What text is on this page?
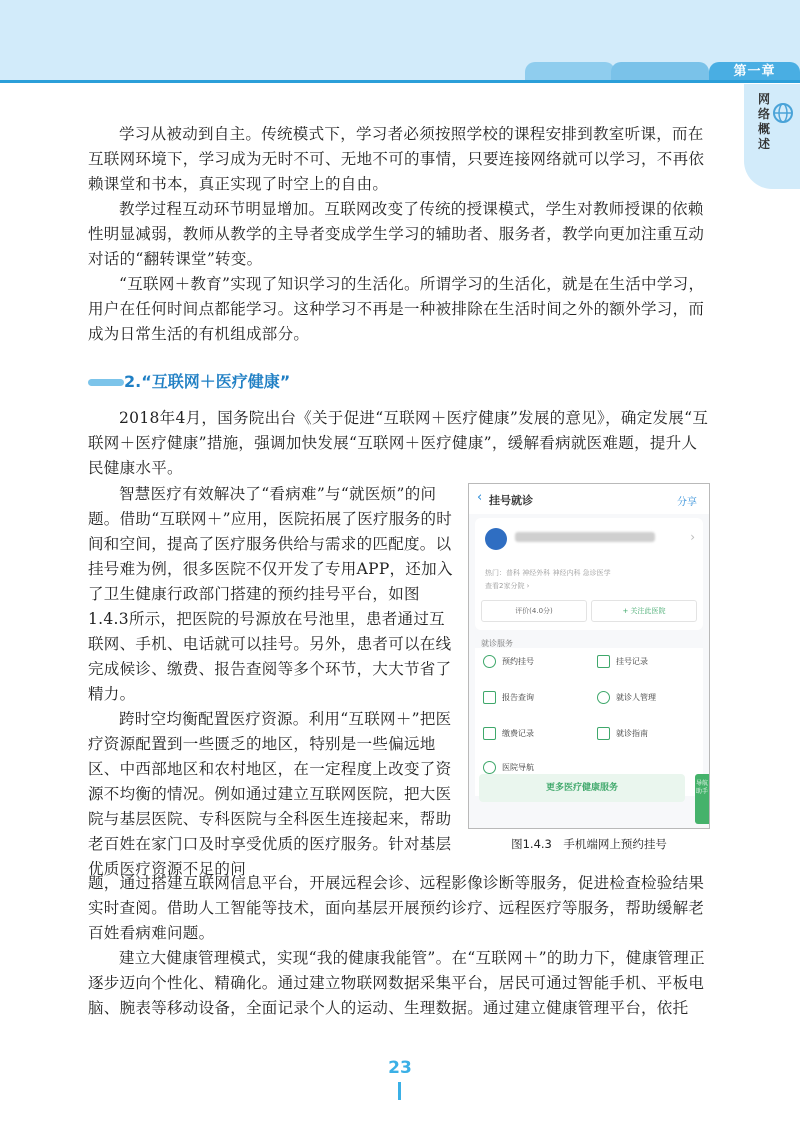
第一章
网络概述

学习从被动到自主。传统模式下，学习者必须按照学校的课程安排到教室听课，而在互联网环境下，学习成为无时不可、无地不可的事情，只要连接网络就可以学习，不再依赖课堂和书本，真正实现了时空上的自由。

教学过程互动环节明显增加。互联网改变了传统的授课模式，学生对教师授课的依赖性明显减弱，教师从教学的主导者变成学生学习的辅助者、服务者，教学向更加注重互动对话的“翻转课堂”转变。

“互联网＋教育”实现了知识学习的生活化。所谓学习的生活化，就是在生活中学习，用户在任何时间点都能学习。这种学习不再是一种被排除在生活时间之外的额外学习，而成为日常生活的有机组成部分。

2.“互联网＋医疗健康”

2018年4月，国务院出台《关于促进“互联网＋医疗健康”发展的意见》，确定发展“互联网＋医疗健康”措施，强调加快发展“互联网＋医疗健康”，缓解看病就医难题，提升人民健康水平。

智慧医疗有效解决了“看病难”与“就医烦”的问题。借助“互联网＋”应用，医院拓展了医疗服务的时间和空间，提高了医疗服务供给与需求的匹配度。以挂号难为例，很多医院不仅开发了专用APP，还加入了卫生健康行政部门搭建的预约挂号平台，如图1.4.3所示，把医院的号源放在号池里，患者通过互联网、手机、电话就可以挂号。另外，患者可以在线完成候诊、缴费、报告查阅等多个环节，大大节省了精力。

跨时空均衡配置医疗资源。利用“互联网＋”把医疗资源配置到一些匮乏的地区，特别是一些偏远地区、中西部地区和农村地区，在一定程度上改变了资源不均衡的情况。例如通过建立互联网医院，把大医院与基层医院、专科医院与全科医生连接起来，帮助老百姓在家门口及时享受优质的医疗服务。针对基层优质医疗资源不足的问

‹ 挂号就诊	分享
›
热门：普科 神经外科 神经内科 急诊医学
查看2家分院 ›
评价(4.0分)	+ 关注此医院
就诊服务
预约挂号	挂号记录
报告查询	就诊人管理
缴费记录	就诊指南
医院导航
更多医疗健康服务	导航助手
图1.4.3　手机端网上预约挂号

题，通过搭建互联网信息平台，开展远程会诊、远程影像诊断等服务，促进检查检验结果实时查阅。借助人工智能等技术，面向基层开展预约诊疗、远程医疗等服务，帮助缓解老百姓看病难问题。

建立大健康管理模式，实现“我的健康我能管”。在“互联网＋”的助力下，健康管理正逐步迈向个性化、精确化。通过建立物联网数据采集平台，居民可通过智能手机、平板电脑、腕表等移动设备，全面记录个人的运动、生理数据。通过建立健康管理平台，依托

23
